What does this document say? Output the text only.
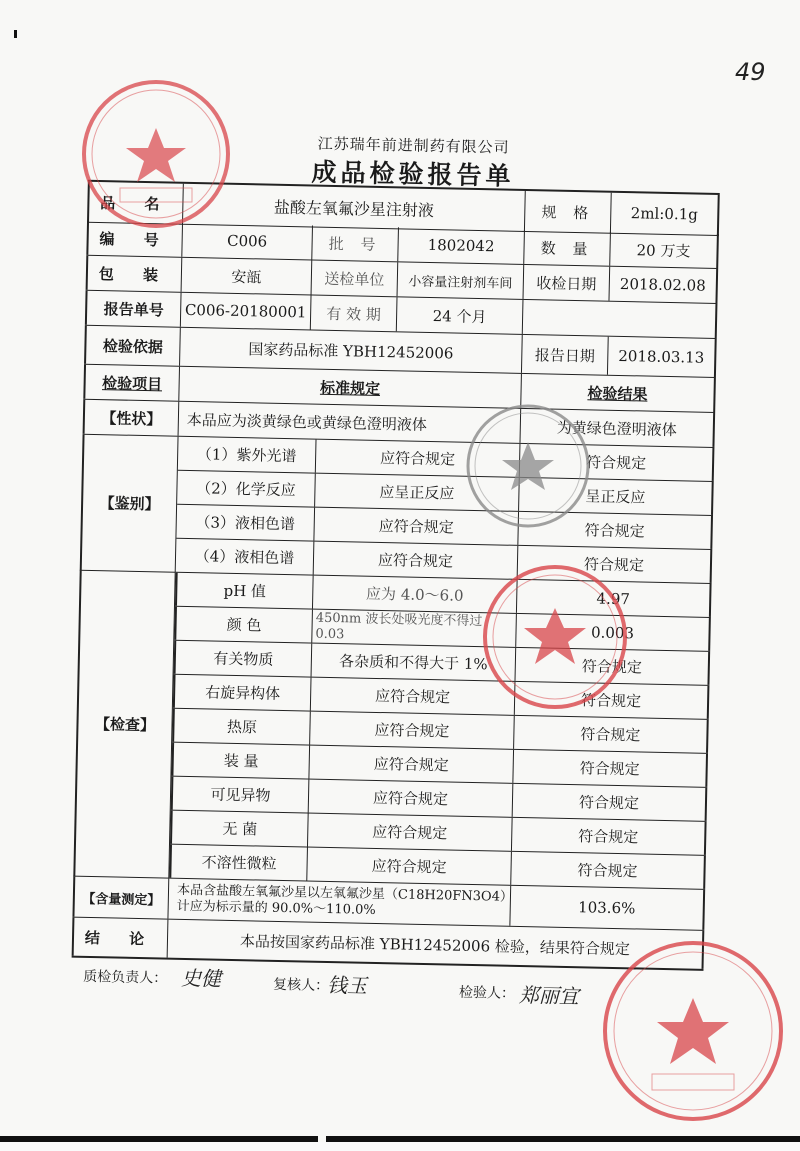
49
江苏瑞年前进制药有限公司
成品检验报告单
品 名	盐酸左氧氟沙星注射液	规 格	2ml:0.1g
编 号	C006	批 号	1802042	数 量	20 万支
包 装	安瓿	送检单位	小容量注射剂车间	收检日期	2018.02.08
报告单号	C006-20180001	有 效 期	24 个月
检验依据	国家药品标准 YBH12452006	报告日期	2018.03.13
检验项目	标准规定	检验结果
【性状】	本品应为淡黄绿色或黄绿色澄明液体	为黄绿色澄明液体
【鉴别】
（1）紫外光谱	应符合规定	符合规定
（2）化学反应	应呈正反应	呈正反应
（3）液相色谱	应符合规定	符合规定
（4）液相色谱	应符合规定	符合规定
【检查】
pH 值	应为 4.0～6.0	4.97
颜 色	450nm 波长处吸光度不得过 0.03	0.003
有关物质	各杂质和不得大于 1%	符合规定
右旋异构体	应符合规定	符合规定
热原	应符合规定	符合规定
装 量	应符合规定	符合规定
可见异物	应符合规定	符合规定
无 菌	应符合规定	符合规定
不溶性微粒	应符合规定	符合规定
【含量测定】	本品含盐酸左氧氟沙星以左氧氟沙星（C18H20FN3O4）计应为标示量的 90.0%～110.0%	103.6%
结 论	本品按国家药品标准 YBH12452006 检验，结果符合规定
质检负责人： 史健	复核人：
钱玉	检验人： 郑丽宜
